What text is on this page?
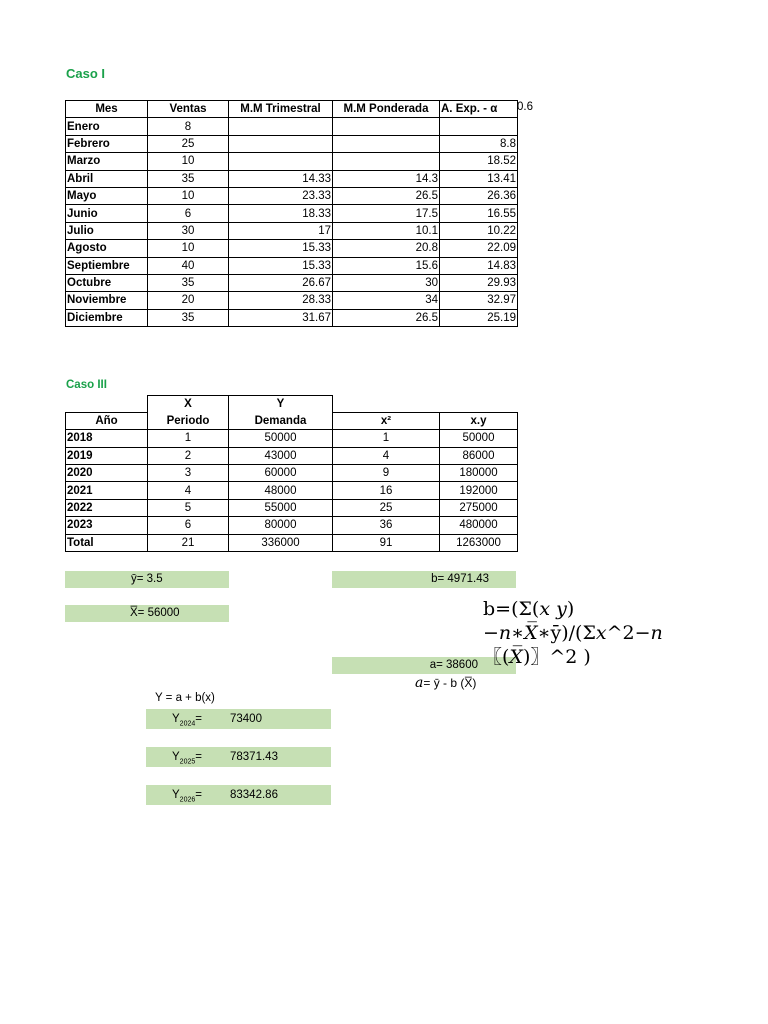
Caso I
Mes	Ventas	M.M Trimestral	M.M Ponderada	A. Exp. - α
Enero	8			
Febrero	25			8.8
Marzo	10			18.52
Abril	35	14.33	14.3	13.41
Mayo	10	23.33	26.5	26.36
Junio	6	18.33	17.5	16.55
Julio	30	17	10.1	10.22
Agosto	10	15.33	20.8	22.09
Septiembre	40	15.33	15.6	14.83
Octubre	35	26.67	30	29.93
Noviembre	20	28.33	34	32.97
Diciembre	35	31.67	26.5	25.19
0.6
Caso III
	X	Y		
Año	Periodo	Demanda	x²	x.y
2018	1	50000	1	50000
2019	2	43000	4	86000
2020	3	60000	9	180000
2021	4	48000	16	192000
2022	5	55000	25	275000
2023	6	80000	36	480000
Total	21	336000	91	1263000
ȳ= 3.5
X̅= 56000
b= 4971.43
a= 38600
b=(Σ(𝑥 𝑦)−𝑛∗𝑋̅∗ȳ)/(Σ𝑥^2−𝑛〖(𝑋̅)〗^2 )
𝑎= ȳ - b (X̅)
Y = a + b(x)
$Y_{2024}= 73400$
$Y_{2025}= 78371.43$
$Y_{2026}= 83342.86$
